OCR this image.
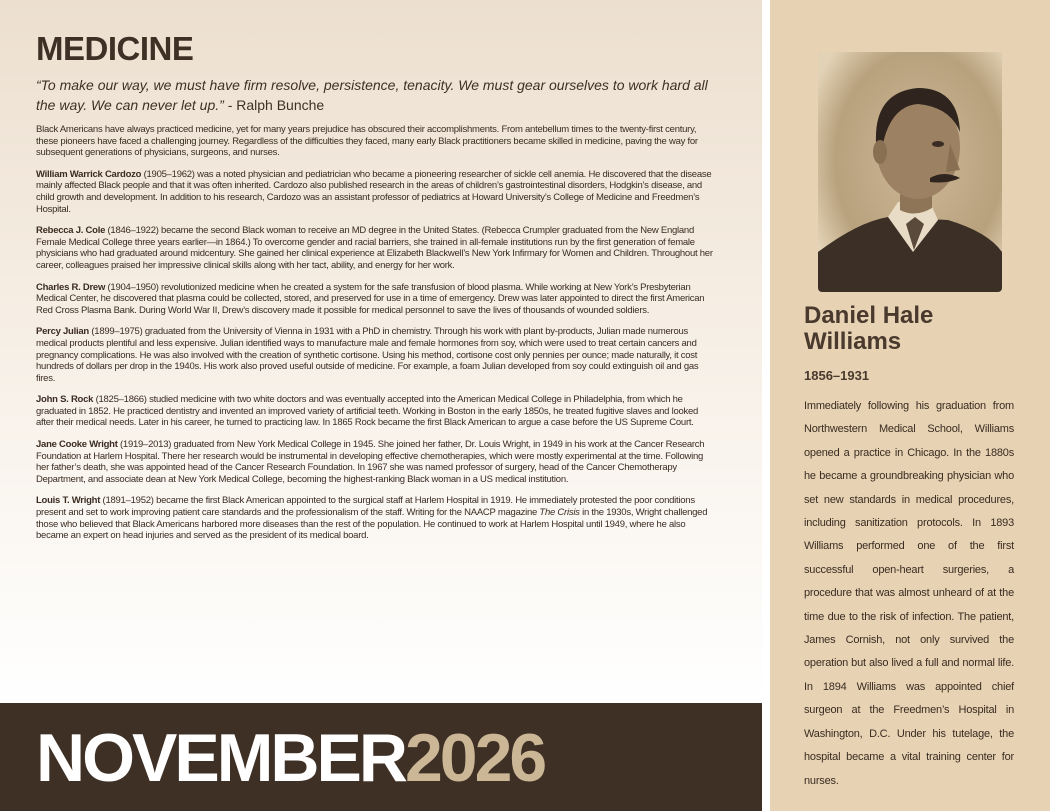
MEDICINE
“To make our way, we must have firm resolve, persistence, tenacity. We must gear ourselves to work hard all the way. We can never let up.” - Ralph Bunche

Black Americans have always practiced medicine, yet for many years prejudice has obscured their accomplishments. From antebellum times to the twenty-first century, these pioneers have faced a challenging journey. Regardless of the difficulties they faced, many early Black practitioners became skilled in medicine, paving the way for subsequent generations of physicians, surgeons, and nurses.

William Warrick Cardozo (1905–1962) was a noted physician and pediatrician who became a pioneering researcher of sickle cell anemia. He discovered that the disease mainly affected Black people and that it was often inherited. Cardozo also published research in the areas of children’s gastrointestinal disorders, Hodgkin’s disease, and child growth and development. In addition to his research, Cardozo was an assistant professor of pediatrics at Howard University’s College of Medicine and Freedmen’s Hospital.

Rebecca J. Cole (1846–1922) became the second Black woman to receive an MD degree in the United States. (Rebecca Crumpler graduated from the New England Female Medical College three years earlier—in 1864.) To overcome gender and racial barriers, she trained in all-female institutions run by the first generation of female physicians who had graduated around midcentury. She gained her clinical experience at Elizabeth Blackwell’s New York Infirmary for Women and Children. Throughout her career, colleagues praised her impressive clinical skills along with her tact, ability, and energy for her work.

Charles R. Drew (1904–1950) revolutionized medicine when he created a system for the safe transfusion of blood plasma. While working at New York’s Presbyterian Medical Center, he discovered that plasma could be collected, stored, and preserved for use in a time of emergency. Drew was later appointed to direct the first American Red Cross Plasma Bank. During World War II, Drew’s discovery made it possible for medical personnel to save the lives of thousands of wounded soldiers.

Percy Julian (1899–1975) graduated from the University of Vienna in 1931 with a PhD in chemistry. Through his work with plant by-products, Julian made numerous medical products plentiful and less expensive. Julian identified ways to manufacture male and female hormones from soy, which were used to treat certain cancers and pregnancy complications. He was also involved with the creation of synthetic cortisone. Using his method, cortisone cost only pennies per ounce; made naturally, it cost hundreds of dollars per drop in the 1940s. His work also proved useful outside of medicine. For example, a foam Julian developed from soy could extinguish oil and gas fires.

John S. Rock (1825–1866) studied medicine with two white doctors and was eventually accepted into the American Medical College in Philadelphia, from which he graduated in 1852. He practiced dentistry and invented an improved variety of artificial teeth. Working in Boston in the early 1850s, he treated fugitive slaves and looked after their medical needs. Later in his career, he turned to practicing law. In 1865 Rock became the first Black American to argue a case before the US Supreme Court.

Jane Cooke Wright (1919–2013) graduated from New York Medical College in 1945. She joined her father, Dr. Louis Wright, in 1949 in his work at the Cancer Research Foundation at Harlem Hospital. There her research would be instrumental in developing effective chemotherapies, which were mostly experimental at the time. Following her father’s death, she was appointed head of the Cancer Research Foundation. In 1967 she was named professor of surgery, head of the Cancer Chemotherapy Department, and associate dean at New York Medical College, becoming the highest-ranking Black woman in a US medical institution.

Louis T. Wright (1891–1952) became the first Black American appointed to the surgical staff at Harlem Hospital in 1919. He immediately protested the poor conditions present and set to work improving patient care standards and the professionalism of the staff. Writing for the NAACP magazine The Crisis in the 1930s, Wright challenged those who believed that Black Americans harbored more diseases than the rest of the population. He continued to work at Harlem Hospital until 1949, where he also became an expert on head injuries and served as the president of its medical board.

Daniel Hale Williams
1856–1931
Immediately following his graduation from Northwestern Medical School, Williams opened a practice in Chicago. In the 1880s he became a groundbreaking physician who set new standards in medical procedures, including sanitization protocols. In 1893 Williams performed one of the first successful open-heart surgeries, a procedure that was almost unheard of at the time due to the risk of infection. The patient, James Cornish, not only survived the operation but also lived a full and normal life. In 1894 Williams was appointed chief surgeon at the Freedmen’s Hospital in Washington, D.C. Under his tutelage, the hospital became a vital training center for nurses.
NOVEMBER2026
